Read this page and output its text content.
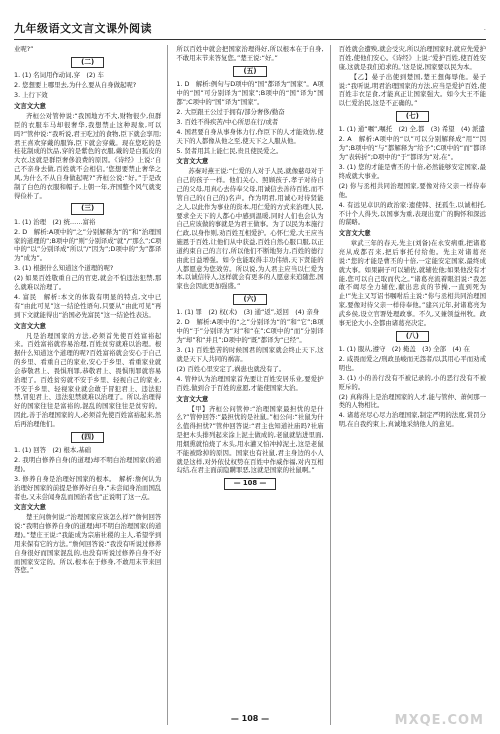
九年级语文文言文课外阅读	·

业呢?”

(二)

1. (1) 名词用作动词,穿　(2) 车

2. 您想要上哪里去,为什么要从自身做起呢?

3. 上行下效

文言文大意

齐桓公对管仲说:“我国地方不大,财物很少,但群臣的衣服车马却很奢华,我想禁止这种现象,可以吗?”管仲说:“我听说,君王吃过的食物,臣下就会享用;君王喜欢穿戴的服饰,臣下就会穿戴。现在您吃的是桂花制成的饮品,穿的是紫色的衣服,戴的是白狐皮的大衣,这就是群臣奢侈浪费的原因。《诗经》上说:‘自己不亲身去做,百姓就不会相信。’您想要禁止奢华之风,为什么不从自身做起呢?”齐桓公说:“好。”于是改制了白色的衣服和帽子,上朝一年,齐国整个风气就变得俭朴了。

(三)

1. (1) 治理　(2) 统……富裕

2. D　解析:A项中的“之”分别解释为“的”和“治理国家的道理的”;B项中的“则”分别译成“就”/“那么”;C项中的“以”分别译成“所以”/“因为”;D项中的“为”都译为“成为”。

3. (1) 根据什么知道这个道理的呢?

(2) 如果百姓敬重自己的官吏,就会不怕违法犯禁,那么就难以治理了。

4. 富民　解析:本文的体裁有明显的特点,文中已有“由此可见”这一结论性语句,只要从“由此可见”再到下文就能得出“治国必先富民”这一结论性表达。

文言文大意

凡是治理国家的方法,必须首先使百姓富裕起来。百姓富裕就容易治理,百姓贫穷就难以治理。根据什么知道这个道理的呢?百姓富裕就会安心于自己的乡里、看重自己的家业,安心于乡里、看重家业就会恭敬君上、畏惧刑罪,恭敬君上、畏惧刑罪就容易治理了。百姓贫穷就不安于乡里、轻视自己的家业,不安于乡里、轻视家业就会敢于冒犯君上、违法犯禁,冒犯君上、违法犯禁就难以治理了。所以,治理得好的国家往往是富裕的,混乱的国家往往是贫穷的。因此,善于治理国家的人,必须首先使百姓富裕起来,然后再治理他们。

(四)

1. (1) 回答　(2) 根本,基础

2. 我明白修养自身(的道理)却不明白治理国家(的道理)。

3. 修养自身是治理好国家的根本。　解析:詹何认为治理好国家的前提是修养好自身,“未尝闻身治而国乱者也,又未尝闻身乱而国治者也”正说明了这一点。

文言文大意

楚王问詹何说:“治理国家应该怎么样?”詹何回答说:“我明白修养自身(的道理)却不明白治理国家(的道理)。”楚庄王说:“我能成为宗庙社稷的主人,希望学到用来保有它的方法。”詹何回答说:“我没有听说过修养自身很好而国家混乱的,也没有听说过修养自身不好而国家安定的。所以,根本在于修身,不敢用末节来回答您。”

所以百姓中就会把国家治理得好,所以根本在于自身,不敢用末节来答复您。”楚王说:“好。”

(五)

1. D　解析:例句与D项中的“国”都译为“国家”。A项中的“国”可分别译为“国家”;B项中的“国”译为“国都”;C项中的“国”译为“国家”。

2. 大臣跟王公过于拥有/部分奢侈/勤奋

3. 百姓不得疾苦/中心所思在行/或者

4. 国君要自身从事身体力行,作臣下的人才能效仿,使天下的人都像从他之至,使天下之人服从他。

5. 贤者用其上能仁民,贵且使民爱之。

文言文大意

苏秦对燕王说:“仁爱的人对于人民,就像慈母对于自己的孩子一样。他们关心、照顾孩子,孝子对待自己的父母,用真心去侍奉父母,用诚信去善待百姓,而不管自己的(自己的)名声。作为明君,用诚心对待贤能之人,以此作为事业的资本,用仁爱的方式来治理人民,要求全天下的人都心中感到温暖,同时人们也会认为自己应该做的事就是为君王做事。为了以民为本施行仁政,以身作则,劝百姓互相爱护。心怀仁爱,大王应当施恩于百姓,让他们从中获益,百姓自然心服口服,以正道约束自己的言行,所以他们不断地努力,百姓的德行由此日益增强。如今也能取得丰功伟绩,天下贤能的人都愿意为您效劳。所以说,为人君主应当以仁爱为本,以诚信待人,这样就会有更多的人愿意来追随您,国家也会因此更加强盛。”

(六)

1. (1) 罪　(2) 权(术)　(3) 通“返”,返回　(4) 亲身

2. D　解析:A项中的“之”分别译为“的”和“它”;B项中的“于”分别译为“对”和“在”;C项中的“而”分别译为“却”和“并且”;D项中的“既”都译为“已经”。

3. (1) 百姓愁苦的时候国君的国家就会终止天下,这就是天下人共同的祸害。

(2) 百姓心里安定了,祸患也就没有了。

4. 管仲认为治理国家首先要让百姓安居乐业,要爱护百姓,做到合于百姓的意愿,才能使国家大治。

文言文大意

【甲】齐桓公问管仲:“治理国家最担忧的是什么?”管仲回答:“最担忧的是社鼠。”桓公问:“社鼠为什么值得担忧?”管仲回答说:“君主也知道社庙吗?社庙是把木头排列起来涂上泥土做成的,老鼠就钻进里面,用烟熏就怕烧了木头,用水灌又怕冲掉泥土,这是老鼠不能被除掉的原因。国家也有社鼠,君主身边的小人就是这样,对外依仗权势在百姓中作威作福,对内互相勾结,在君主面前隐瞒罪恶,这就是国家的社鼠啊。”

— 108 —

百姓就会遭殃,就会受灾,所以治理国家时,就应先爱护百姓,使他们安心。《诗经》上说:‘爱护百姓,使百姓安康,这就是我们追求的。’这是说,国家要以民为本。

【乙】晏子出使到楚国,楚王想侮辱他。晏子说:“我听说,明君治理国家的方法,应当是爱护百姓,使百姓丰衣足食,才能真正让国家强大。如今大王不能以仁爱治民,这是不正确的。”

(七)

1. (1) 通“嘱”,嘱托　(2) 全,都　(3) 希望　(4) 派遣

2. A　解析:A项中的“以”可以分别解释成“用”“因为”;B项中的“与”都解释为“给予”;C项中的“而”都译为“表转折”;D项中的“于”都译为“对,在”。

3. (1) 您的才能是曹丕的十倍,必然能够安定国家,最终成就大事业。

(2) 你与丞相共同治理国家,要像对待父亲一样侍奉他。

4. 有远见卓识的政治家:遗使韩、抚孤生,以诚相托,不计个人得失,以国事为重,表现出宽广的胸怀和深远的谋略。

文言文大意

章武三年的春天,先主(刘备)在永安病重,把诸葛亮从成都召来,把后事托付给他。先主对诸葛亮说:“您的才能是曹丕的十倍,一定能安定国家,最终成就大事。如果嗣子可以辅佐,就辅佐他;如果他没有才能,您可以自己取而代之。”诸葛亮流着眼泪说:“我怎敢不竭尽全力辅佐,献出忠贞的节操,一直到死为止!”先主又写诏书嘱咐后主说:“你与丞相共同治理国家,要像对待父亲一样侍奉他。”建兴元年,封诸葛亮为武乡侯,设立官署处理政事。不久,又兼领益州牧。政事无论大小,全都由诸葛亮决定。

(八)

1. (1) 服从,遵守　(2) 掩盖　(3) 全部　(4) 在

2. 咸畏而爱之/刑政虽峻而无怨者/以其用心平而劝戒明也。

3. (1) 小的善行没有不被记录的,小的恶行没有不被贬斥的。

(2) 真称得上是治理国家的人才,能与管仲、萧何那一类的人物相比。

4. 诸葛亮尽心尽力治理国家,制定严明的法度,赏罚分明,在自我约束上,真诚地采纳他人的意见。

— 108 —	MXQE.COM
